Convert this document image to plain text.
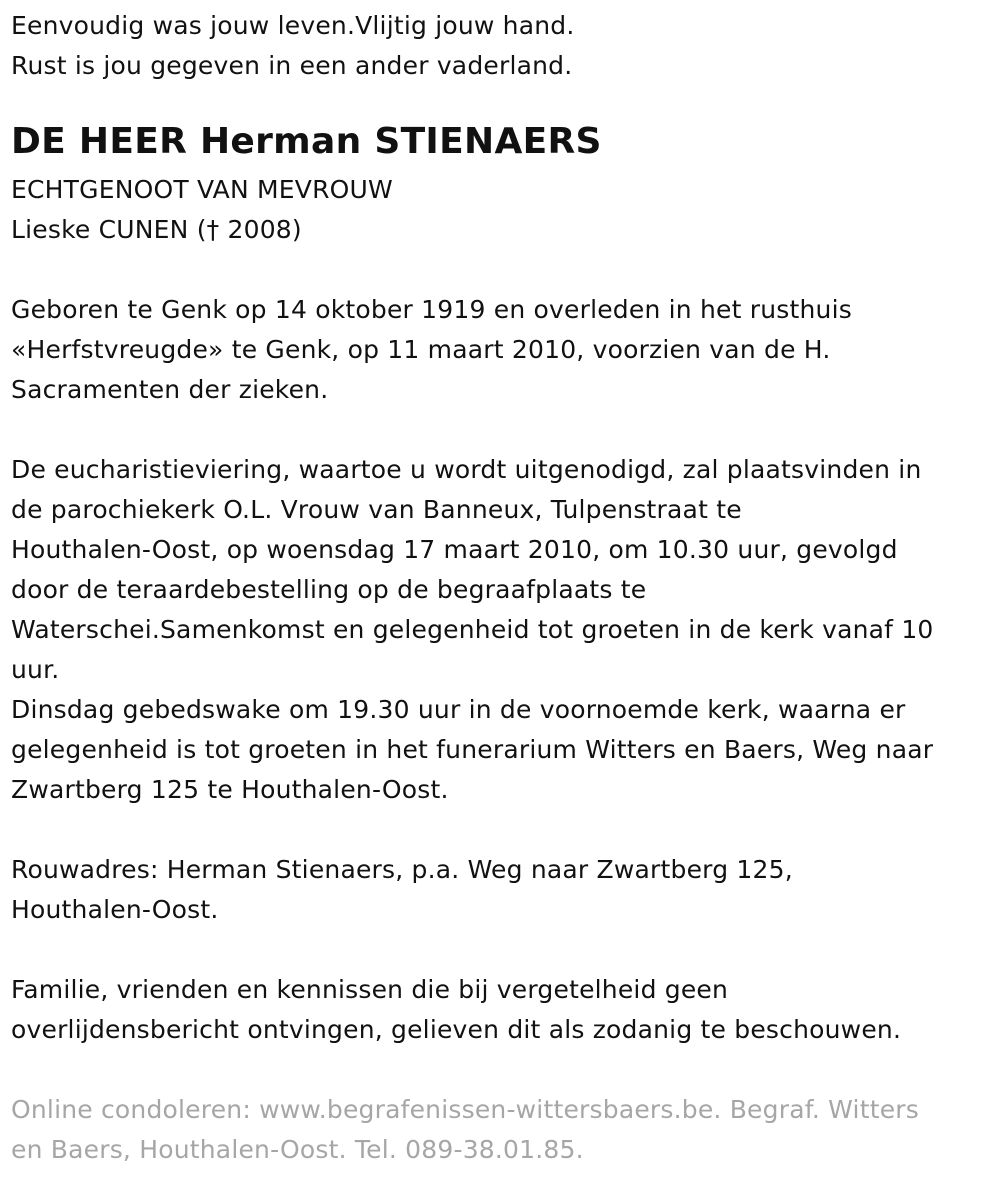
Eenvoudig was jouw leven.Vlijtig jouw hand.
Rust is jou gegeven in een ander vaderland.
DE HEER Herman STIENAERS
ECHTGENOOT VAN MEVROUW
Lieske CUNEN († 2008)
Geboren te Genk op 14 oktober 1919 en overleden in het rusthuis
«Herfstvreugde» te Genk, op 11 maart 2010, voorzien van de H.
Sacramenten der zieken.
De eucharistieviering, waartoe u wordt uitgenodigd, zal plaatsvinden in
de parochiekerk O.L. Vrouw van Banneux, Tulpenstraat te
Houthalen-Oost, op woensdag 17 maart 2010, om 10.30 uur, gevolgd
door de teraardebestelling op de begraafplaats te
Waterschei.Samenkomst en gelegenheid tot groeten in de kerk vanaf 10
uur.
Dinsdag gebedswake om 19.30 uur in de voornoemde kerk, waarna er
gelegenheid is tot groeten in het funerarium Witters en Baers, Weg naar
Zwartberg 125 te Houthalen-Oost.
Rouwadres: Herman Stienaers, p.a. Weg naar Zwartberg 125,
Houthalen-Oost.
Familie, vrienden en kennissen die bij vergetelheid geen
overlijdensbericht ontvingen, gelieven dit als zodanig te beschouwen.
Online condoleren: www.begrafenissen-wittersbaers.be. Begraf. Witters
en Baers, Houthalen-Oost. Tel. 089-38.01.85.
